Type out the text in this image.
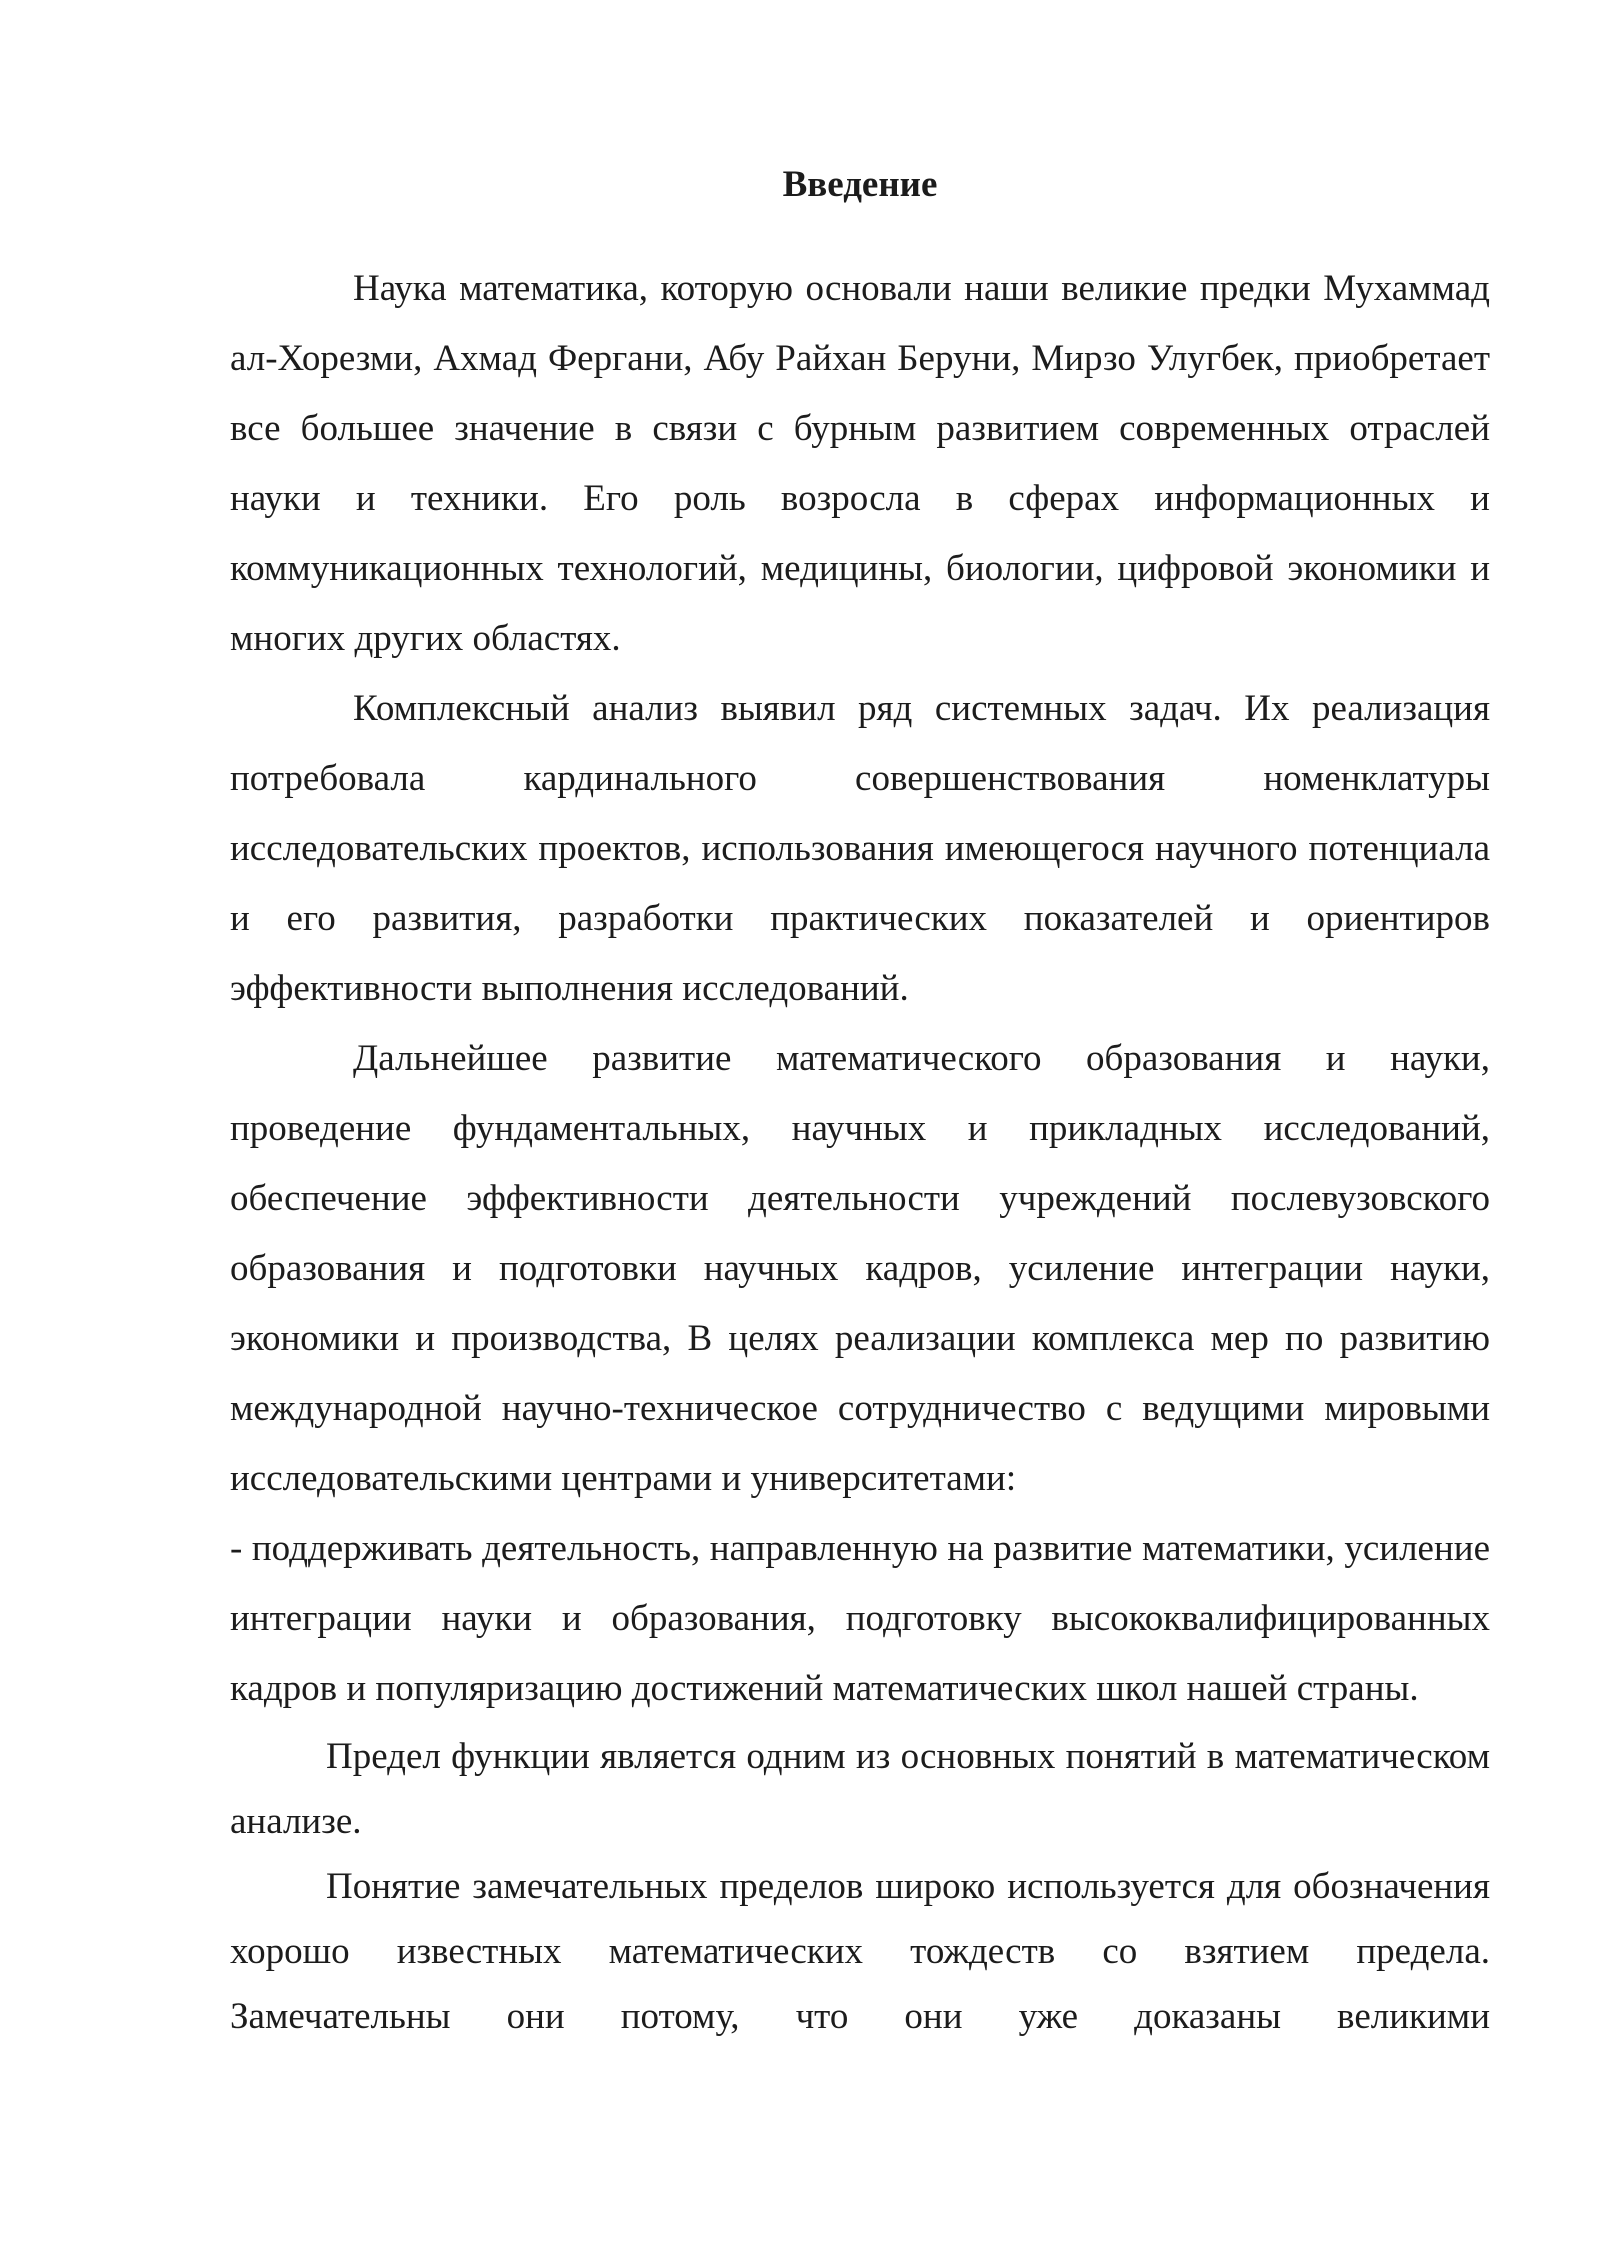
Введение

Наука математика, которую основали наши великие предки Мухаммад ал-Хорезми, Ахмад Фергани, Абу Райхан Беруни, Мирзо Улугбек, приобретает все большее значение в связи с бурным развитием современных отраслей науки и техники. Его роль возросла в сферах информационных и коммуникационных технологий, медицины, биологии, цифровой экономики и многих других областях.

Комплексный анализ выявил ряд системных задач. Их реализация потребовала кардинального совершенствования номенклатуры исследовательских проектов, использования имеющегося научного потенциала и его развития, разработки практических показателей и ориентиров эффективности выполнения исследований.

Дальнейшее развитие математического образования и науки, проведение фундаментальных, научных и прикладных исследований, обеспечение эффективности деятельности учреждений послевузовского образования и подготовки научных кадров, усиление интеграции науки, экономики и производства, В целях реализации комплекса мер по развитию международной научно-техническое сотрудничество с ведущими мировыми исследовательскими центрами и университетами:

- поддерживать деятельность, направленную на развитие математики, усиление интеграции науки и образования, подготовку высококвалифицированных кадров и популяризацию достижений математических школ нашей страны.

Предел функции является одним из основных понятий в математическом анализе.

Понятие замечательных пределов широко используется для обозначения хорошо известных математических тождеств со взятием предела. Замечательны они потому, что они уже доказаны великими
